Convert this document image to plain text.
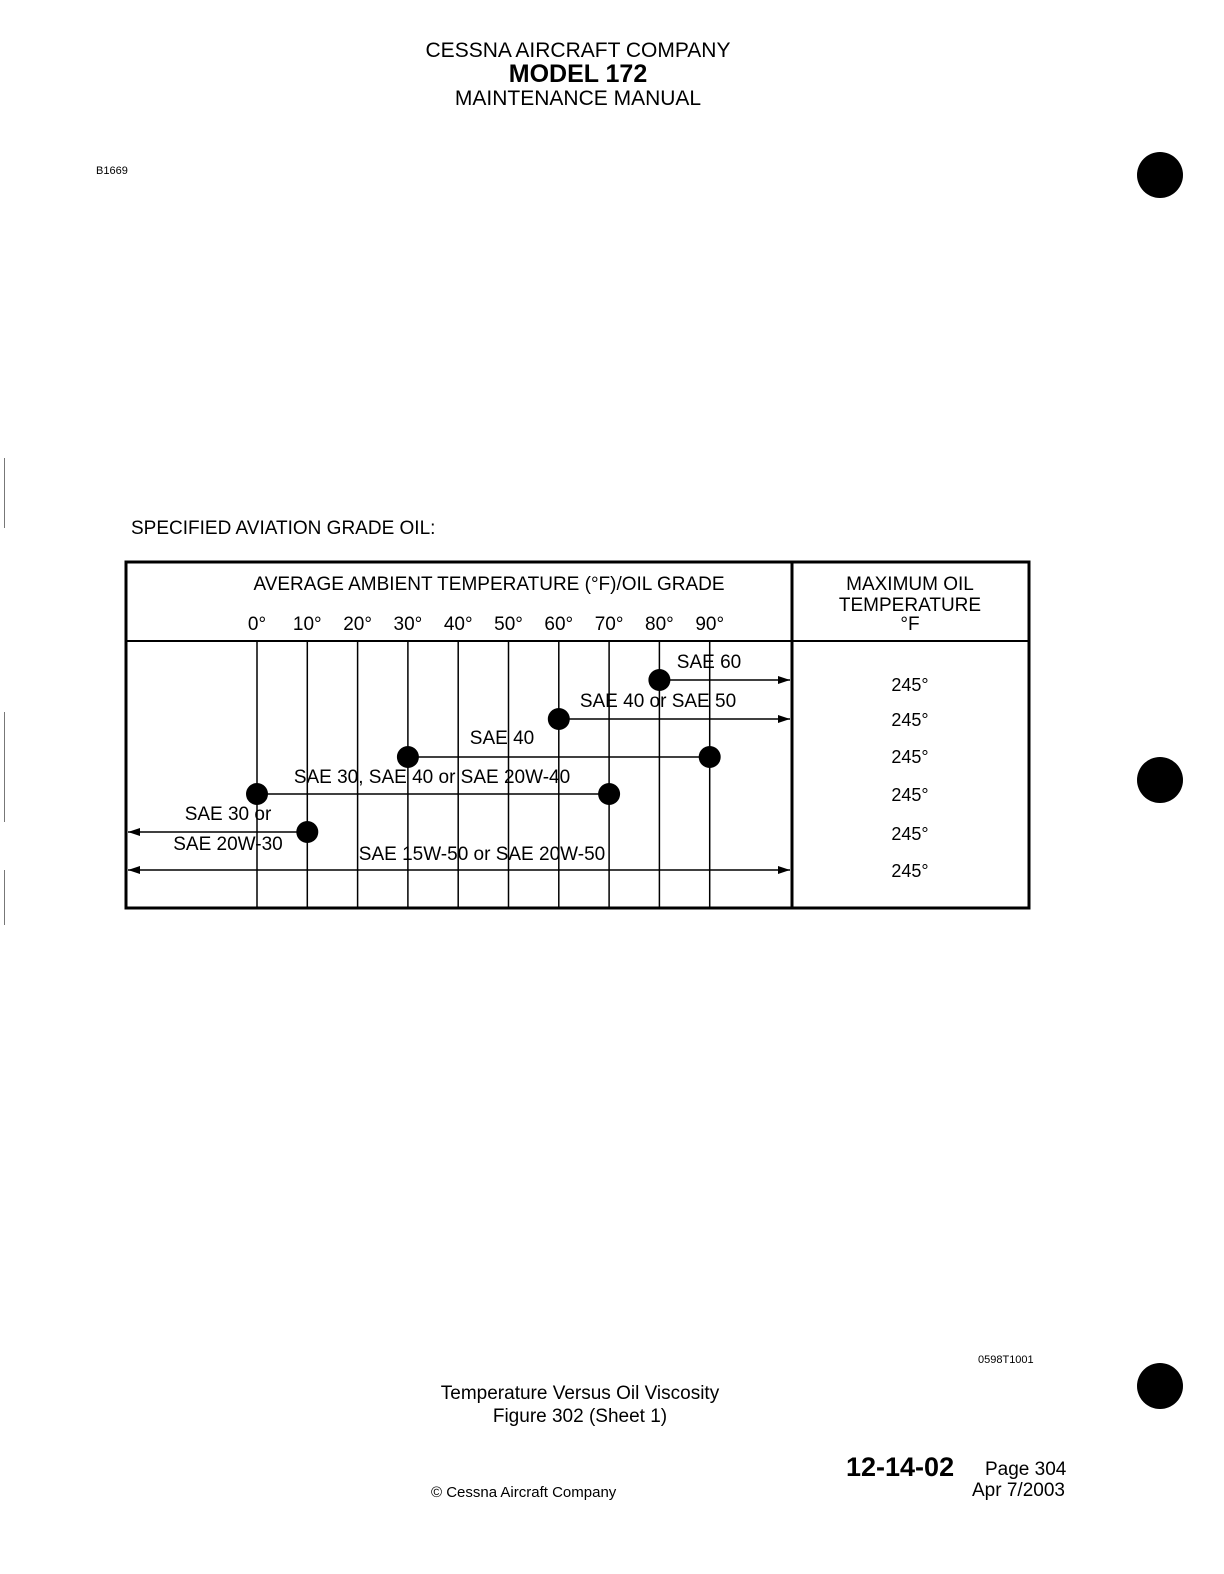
CESSNA AIRCRAFT COMPANY
MODEL 172
MAINTENANCE MANUAL
B1669
SPECIFIED AVIATION GRADE OIL:
AVERAGE AMBIENT TEMPERATURE (°F)/OIL GRADE	MAXIMUM OIL
TEMPERATURE
°F
0° 10° 20° 30° 40° 50° 60° 70° 80° 90°
SAE 60
SAE 40 or SAE 50
SAE 40
SAE 30, SAE 40 or SAE 20W-40
SAE 30 or
SAE 20W-30	SAE 15W-50 or SAE 20W-50
245°
245°
245°
245°
245°
245°
0598T1001
Temperature Versus Oil Viscosity
Figure 302 (Sheet 1)
12-14-02 Page 304
Apr 7/2003
© Cessna Aircraft Company
